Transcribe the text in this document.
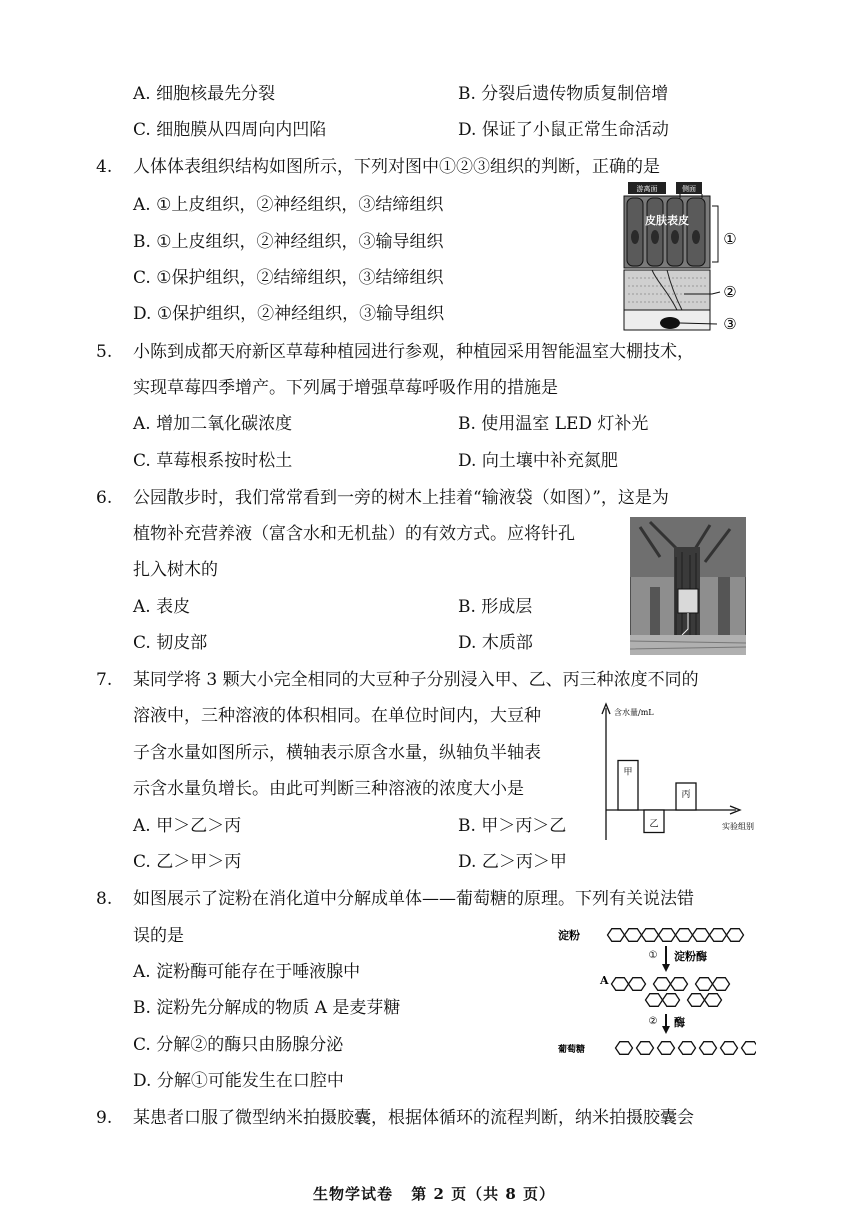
A. 细胞核最先分裂	B. 分裂后遗传物质复制倍增
C. 细胞膜从四周向内凹陷	D. 保证了小鼠正常生命活动
4. 人体体表组织结构如图所示，下列对图中①②③组织的判断，正确的是
A. ①上皮组织，②神经组织，③结缔组织
B. ①上皮组织，②神经组织，③输导组织
C. ①保护组织，②结缔组织，③结缔组织
D. ①保护组织，②神经组织，③输导组织
游离面	侧面
皮肤表皮
①
②
③
5. 小陈到成都天府新区草莓种植园进行参观，种植园采用智能温室大棚技术，
实现草莓四季增产。下列属于增强草莓呼吸作用的措施是
A. 增加二氧化碳浓度	B. 使用温室 LED 灯补光
C. 草莓根系按时松土	D. 向土壤中补充氮肥
6. 公园散步时，我们常常看到一旁的树木上挂着“输液袋（如图）”，这是为
植物补充营养液（富含水和无机盐）的有效方式。应将针孔
扎入树木的
A. 表皮	B. 形成层
C. 韧皮部	D. 木质部
7. 某同学将 3 颗大小完全相同的大豆种子分别浸入甲、乙、丙三种浓度不同的
溶液中，三种溶液的体积相同。在单位时间内，大豆种
子含水量如图所示，横轴表示原含水量，纵轴负半轴表
示含水量负增长。由此可判断三种溶液的浓度大小是
A. 甲＞乙＞丙	B. 甲＞丙＞乙
C. 乙＞甲＞丙	D. 乙＞丙＞甲
含水量/mL
实验组别
甲
乙
丙
8. 如图展示了淀粉在消化道中分解成单体——葡萄糖的原理。下列有关说法错
误的是
A. 淀粉酶可能存在于唾液腺中
B. 淀粉先分解成的物质 A 是麦芽糖
C. 分解②的酶只由肠腺分泌
D. 分解①可能发生在口腔中
淀粉
① 淀粉酶
A
② 酶
葡萄糖
9. 某患者口服了微型纳米拍摄胶囊，根据体循环的流程判断，纳米拍摄胶囊会
生物学试卷 第 2 页（共 8 页）
